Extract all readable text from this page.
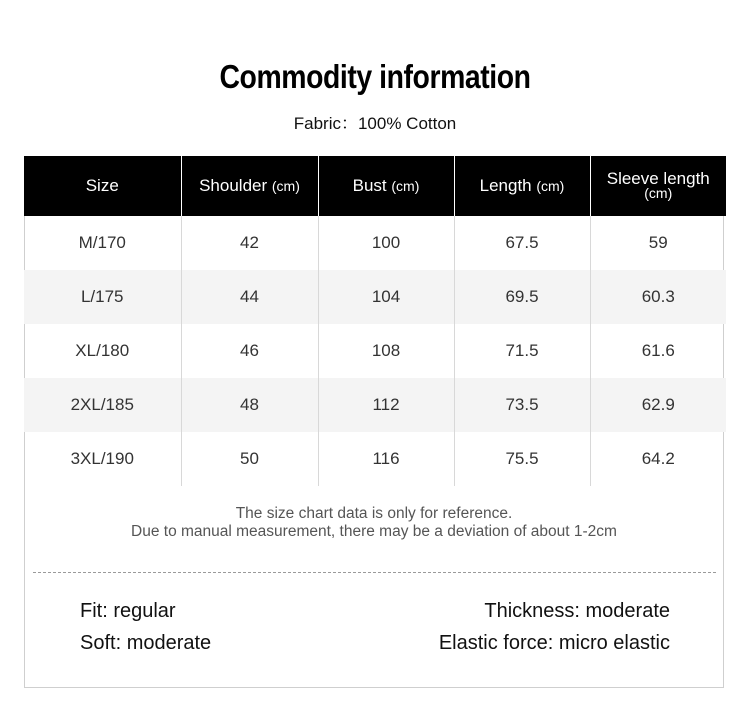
Commodity information
Fabric：100% Cotton
Size	Shoulder (cm)	Bust (cm)	Length (cm)	Sleeve length
(cm)

M/170	42	100	67.5	59
L/175	44	104	69.5	60.3
XL/180	46	108	71.5	61.6
2XL/185	48	112	73.5	62.9
3XL/190	50	116	75.5	64.2
The size chart data is only for reference.
Due to manual measurement, there may be a deviation of about 1-2cm
Fit: regular	Thickness: moderate
Soft: moderate	Elastic force: micro elastic
